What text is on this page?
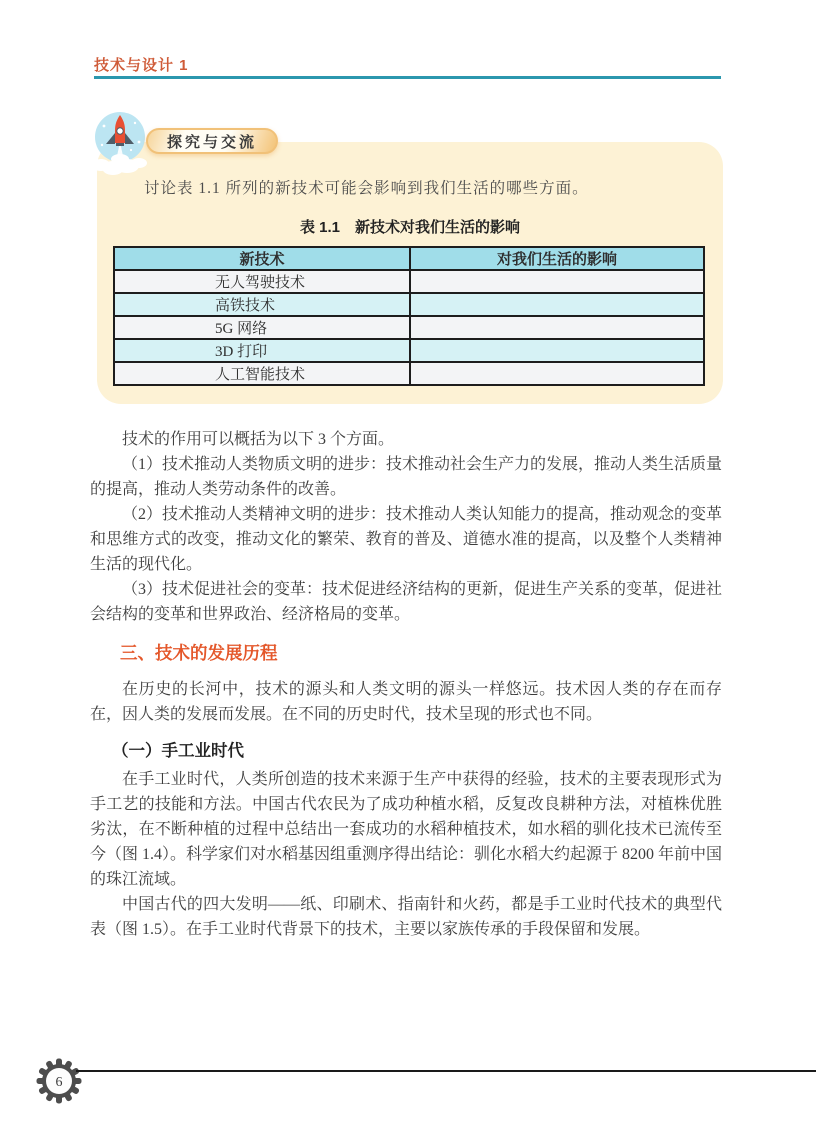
技术与设计 1
探究与交流

讨论表 1.1 所列的新技术可能会影响到我们生活的哪些方面。

表 1.1　新技术对我们生活的影响
新技术	对我们生活的影响
无人驾驶技术	
高铁技术	
5G 网络	
3D 打印	
人工智能技术	

技术的作用可以概括为以下 3 个方面。

（1）技术推动人类物质文明的进步：技术推动社会生产力的发展，推动人类生活质量的提高，推动人类劳动条件的改善。

（2）技术推动人类精神文明的进步：技术推动人类认知能力的提高，推动观念的变革和思维方式的改变，推动文化的繁荣、教育的普及、道德水准的提高，以及整个人类精神生活的现代化。

（3）技术促进社会的变革：技术促进经济结构的更新，促进生产关系的变革，促进社会结构的变革和世界政治、经济格局的变革。

三、技术的发展历程

在历史的长河中，技术的源头和人类文明的源头一样悠远。技术因人类的存在而存在，因人类的发展而发展。在不同的历史时代，技术呈现的形式也不同。

（一）手工业时代

在手工业时代，人类所创造的技术来源于生产中获得的经验，技术的主要表现形式为手工艺的技能和方法。中国古代农民为了成功种植水稻，反复改良耕种方法，对植株优胜劣汰，在不断种植的过程中总结出一套成功的水稻种植技术，如水稻的驯化技术已流传至今（图 1.4）。科学家们对水稻基因组重测序得出结论：驯化水稻大约起源于 8200 年前中国的珠江流域。

中国古代的四大发明——纸、印刷术、指南针和火药，都是手工业时代技术的典型代表（图 1.5）。在手工业时代背景下的技术，主要以家族传承的手段保留和发展。

6
